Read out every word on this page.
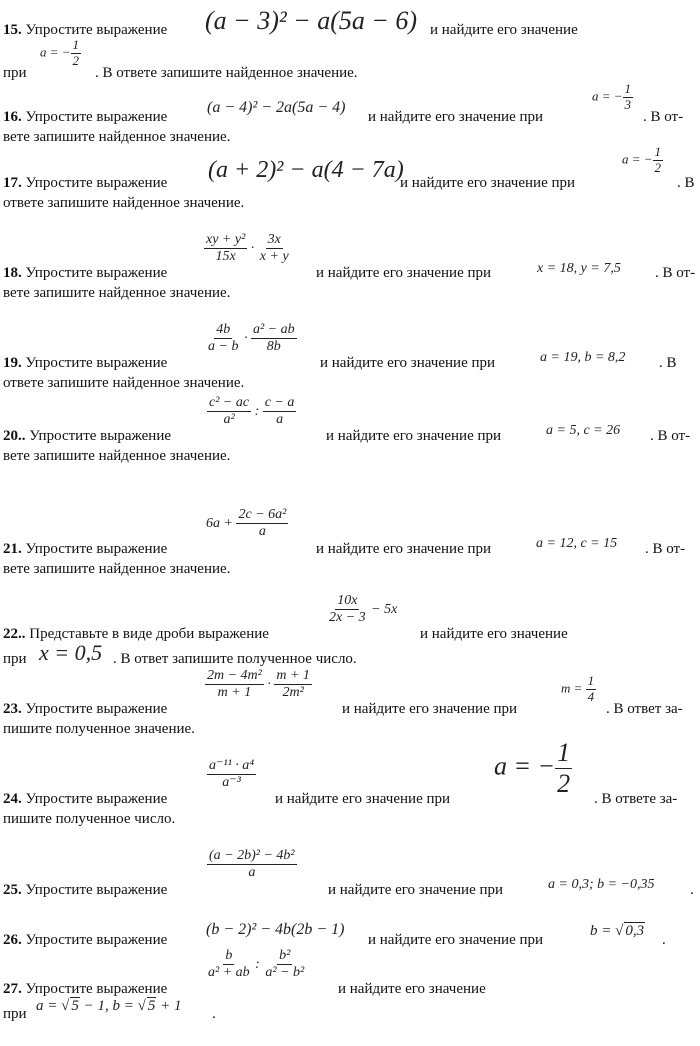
15. Упростите выражение (a − 3)² − a(5a − 6) и найдите его значение
при
a = − $\frac{1}{2}$
. В ответе запишите найденное значение.
16. Упростите выражение
(a − 4)² − 2a(5a − 4)
и найдите его значение при
a = − $\frac{1}{3}$
. В от-
вете запишите найденное значение.
17. Упростите выражение (a + 2)² − a(4 − 7a)
и найдите его значение при
a = − $\frac{1}{2}$
. В
ответе запишите найденное значение.
18. Упростите выражение
$\frac{\text{xy + y²}}{15x} \cdot \frac{3x}{x + y}$
и найдите его значение при	x = 18, y = 7,5 . В от-
вете запишите найденное значение.
19. Упростите выражение
$\frac{4b}{a - b} \cdot \frac{\text{a² − ab}}{8b}$
и найдите его значение при	a = 19, b = 8,2 . В
ответе запишите найденное значение.
20.. Упростите выражение
$\frac{\text{c² − ac}}{\text{a²}}$ : $\frac{c - a}{a}$
и найдите его значение при	a = 5, c = 26 . В от-
вете запишите найденное значение.
21. Упростите выражение
$6a + \frac{\text{2c − 6a²}}{a}$
и найдите его значение при	a = 12, c = 15 . В от-
вете запишите найденное значение.
22.. Представьте в виде дроби выражение
$\frac{10x}{2x - 3} - 5x$
и найдите его значение
при x = 0,5 . В ответ запишите полученное число.
23. Упростите выражение
$\frac{\text{2m − 4m²}}{m + 1} \cdot \frac{m + 1}{\text{2m²}}$
и найдите его значение при
$m = \frac{1}{4}$
. В ответ за-
пишите полученное значение.
24. Упростите выражение
$\frac{\text{a⁻¹¹ · a⁴}}{\text{a⁻³}}$
и найдите его значение при
a = − $\frac{1}{2}$
. В ответе за-
пишите полученное число.
25. Упростите выражение
$\frac{\text{(a − 2b)² − 4b²}}{a}$
и найдите его значение при	a = 0,3; b = −0,35 .
26. Упростите выражение
(b − 2)² − 4b(2b − 1)
и найдите его значение при
b = √ 0,3
.
27. Упростите выражение
$\frac{b}{\text{a² + ab}}$ : $\frac{\text{b²}}{\text{a² − b²}}$
и найдите его значение
при a = √ 5 − 1, b = √ 5 + 1 .
